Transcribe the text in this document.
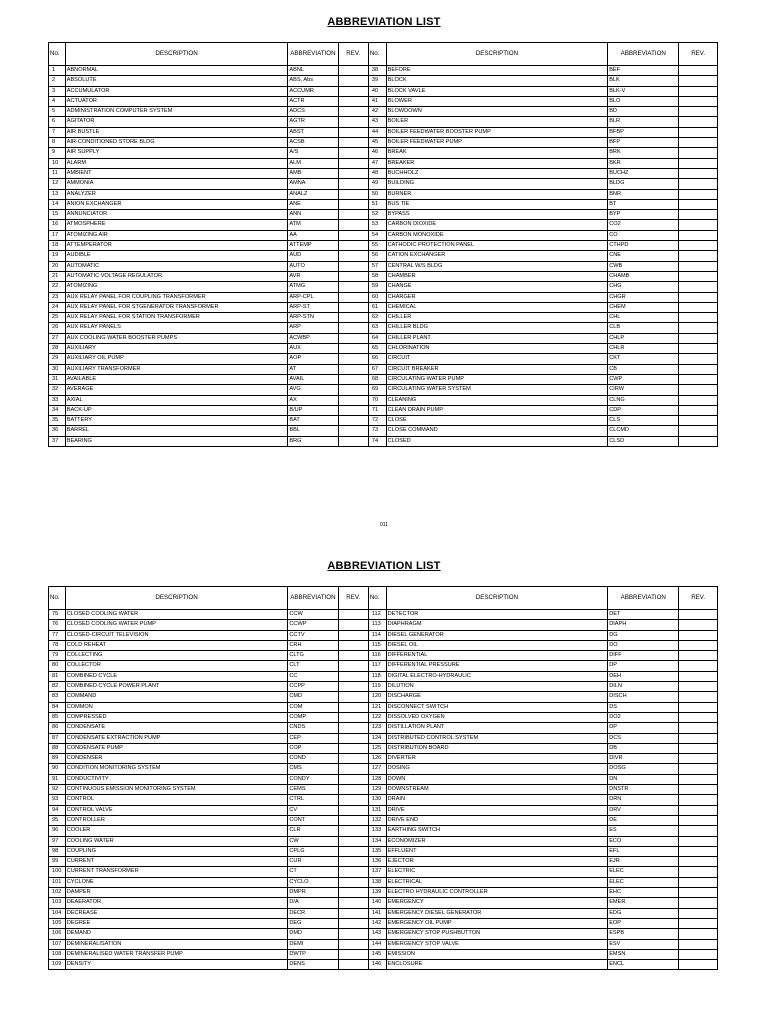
ABBREVIATION LIST
No.	DESCRIPTION	ABBREVIATION	REV.	No.	DESCRIPTION	ABBREVIATION	REV.
1	ABNORMAL	ABNL		38	BEFORE	BEF	
2	ABSOLUTE	ABS, Abs		39	BLOCK	BLK	
3	ACCUMULATOR	ACCUMR		40	BLOCK VAVLE	BLK-V	
4	ACTUATOR	ACTR		41	BLOWER	BLO	
5	ADMINISTRATION COMPUTER SYSTEM	ADCS		42	BLOWDOWN	BD	
6	AGITATOR	AGTR		43	BOILER	BLR	
7	AIR BUSTLE	ABST		44	BOILER FEEDWATER BOOSTER PUMP	BFBP	
8	AIR-CONDITIONED STORE BLDG	ACSB		45	BOILER FEEDWATER PUMP	BFP	
9	AIR SUPPLY	A/S		46	BREAK	BRK	
10	ALARM	ALM		47	BREAKER	BKR	
11	AMBIENT	AMB		48	BUCHHOLZ	BUCHZ	
12	AMMONIA	AMNA		49	BUILDING	BLDG	
13	ANALYZER	ANALZ		50	BURNER	BNR	
14	ANION EXCHANGER	ANE		51	BUS TIE	BT	
15	ANNUNCIATOR	ANN		52	BYPASS	BYP	
16	ATMOSPHERE	ATM		53	CARBON DIOXIDE	CO2	
17	ATOMIZING AIR	AA		54	CARBON MONOXIDE	CO	
18	ATTEMPERATOR	ATTEMP		55	CATHODIC PROTECTION PANEL	CTHPD	
19	AUDIBLE	AUD		56	CATION EXCHANGER	CNE	
20	AUTOMATIC	AUTO		57	CENTRAL W/S BLDG	CWB	
21	AUTOMATIC VOLTAGE REGULATOR	AVR		58	CHAMBER	CHAMB	
22	ATOMIZING	ATMG		59	CHANGE	CHG	
23	AUX RELAY PANEL FOR COUPLING TRANSFORMER	ARP-CPL		60	CHARGER	CHGR	
24	AUX RELAY PANEL FOR STGENERATOR TRANSFORMER	ARP-ST		61	CHEMICAL	CHEM	
25	AUX RELAY PANEL FOR STATION TRANSFORMER	ARP-STN		62	CHILLER	CHL	
26	AUX RELAY PANELS	ARP		63	CHILLER BLDG	CLB	
27	AUX COOLING WATER BOOSTER PUMPS	ACWBP		64	CHILLER PLANT	CHLP	
28	AUXILIARY	AUX		65	CHLORINATION	CHLR	
29	AUXILIARY OIL PUMP	AOP		66	CIRCUIT	CKT	
30	AUXILIARY TRANSFORMER	AT		67	CIRCUIT BREAKER	CB	
31	AVAILABLE	AVAIL		68	CIRCULATING WATER PUMP	CWP	
32	AVERAGE	AVG		69	CIRCULATING WATER SYSTEM	CIRW	
33	AXIAL	AX		70	CLEANING	CLNG	
34	BACK-UP	B/UP		71	CLEAN DRAIN PUMP	CDP	
35	BATTERY	BAT		72	CLOSE	CLS	
36	BARREL	BBL		73	CLOSE COMMAND	CLCMD	
37	BEARING	BRG		74	CLOSED	CLSD	
011
ABBREVIATION LIST
No.	DESCRIPTION	ABBREVIATION	REV.	No.	DESCRIPTION	ABBREVIATION	REV.
75	CLOSED COOLING WATER	CCW		112	DETECTOR	DET	
76	CLOSED COOLING WATER PUMP	CCWP		113	DIAPHRAGM	DIAPH	
77	CLOSED-CIRCUIT TELEVISION	CCTV		114	DIESEL GENERATOR	DG	
78	COLD REHEAT	CRH		115	DIESEL OIL	DO	
79	COLLECTING	CLTG		116	DIFFERENTIAL	DIFF	
80	COLLECTOR	CLT		117	DIFFERENTIAL PRESSURE	DP	
81	COMBINED CYCLE	CC		118	DIGITAL ELECTRO-HYDRAULIC	DEH	
82	COMBINED CYCLE POWER PLANT	CCPP		119	DILUTION	DILN	
83	COMMAND	CMD		120	DISCHARGE	DISCH	
84	COMMON	COM		121	DISCONNECT SWITCH	DS	
85	COMPRESSED	COMP		122	DISSOLVED OXYGEN	DO2	
86	CONDENSATE	CNDS		123	DISTILLATION PLANT	DP	
87	CONDENSATE EXTRACTION PUMP	CEP		124	DISTRIBUTED CONTROL SYSTEM	DCS	
88	CONDENSATE PUMP	COP		125	DISTRIBUTION BOARD	DB	
89	CONDENSER	COND		126	DIVERTER	DIVR	
90	CONDITION MONITORING SYSTEM	CMS		127	DOSING	DOSG	
91	CONDUCTIVITY	CONDY		128	DOWN	DN	
92	CONTINUOUS EMISSION MONITORING SYSTEM	CEMS		129	DOWNSTREAM	DNSTR	
93	CONTROL	CTRL		130	DRAIN	DRN	
94	CONTROL VALVE	CV		131	DRIVE	DRV	
95	CONTROLLER	CONT		132	DRIVE END	DE	
96	COOLER	CLR		133	EARTHING SWITCH	ES	
97	COOLING WATER	CW		134	ECONOMIZER	ECO	
98	COUPLING	CPLG		135	EFFLUENT	EFL	
99	CURRENT	CUR		136	EJECTOR	EJR	
100	CURRENT TRANSFORMER	CT		137	ELECTRIC	ELEC	
101	CYCLONE	CYCLO		138	ELECTRICAL	ELEC	
102	DAMPER	DMPR		139	ELECTRO HYDRAULIC CONTROLLER	EHC	
103	DEAERATOR	D/A		140	EMERGENCY	EMER	
104	DECREASE	DECR		141	EMERGENCY DIESEL GENERATOR	EDG	
105	DEGREE	DEG		142	EMERGENCY OIL PUMP	EOP	
106	DEMAND	DMD		143	EMERGENCY STOP PUSHBUTTON	ESPB	
107	DEMINERALISATION	DEMI		144	EMERGENCY STOP VALVE	ESV	
108	DEMINERALISED WATER TRANSFER PUMP	DWTP		145	EMISSION	EMSN	
109	DENSITY	DENS		146	ENCLOSURE	ENCL	
